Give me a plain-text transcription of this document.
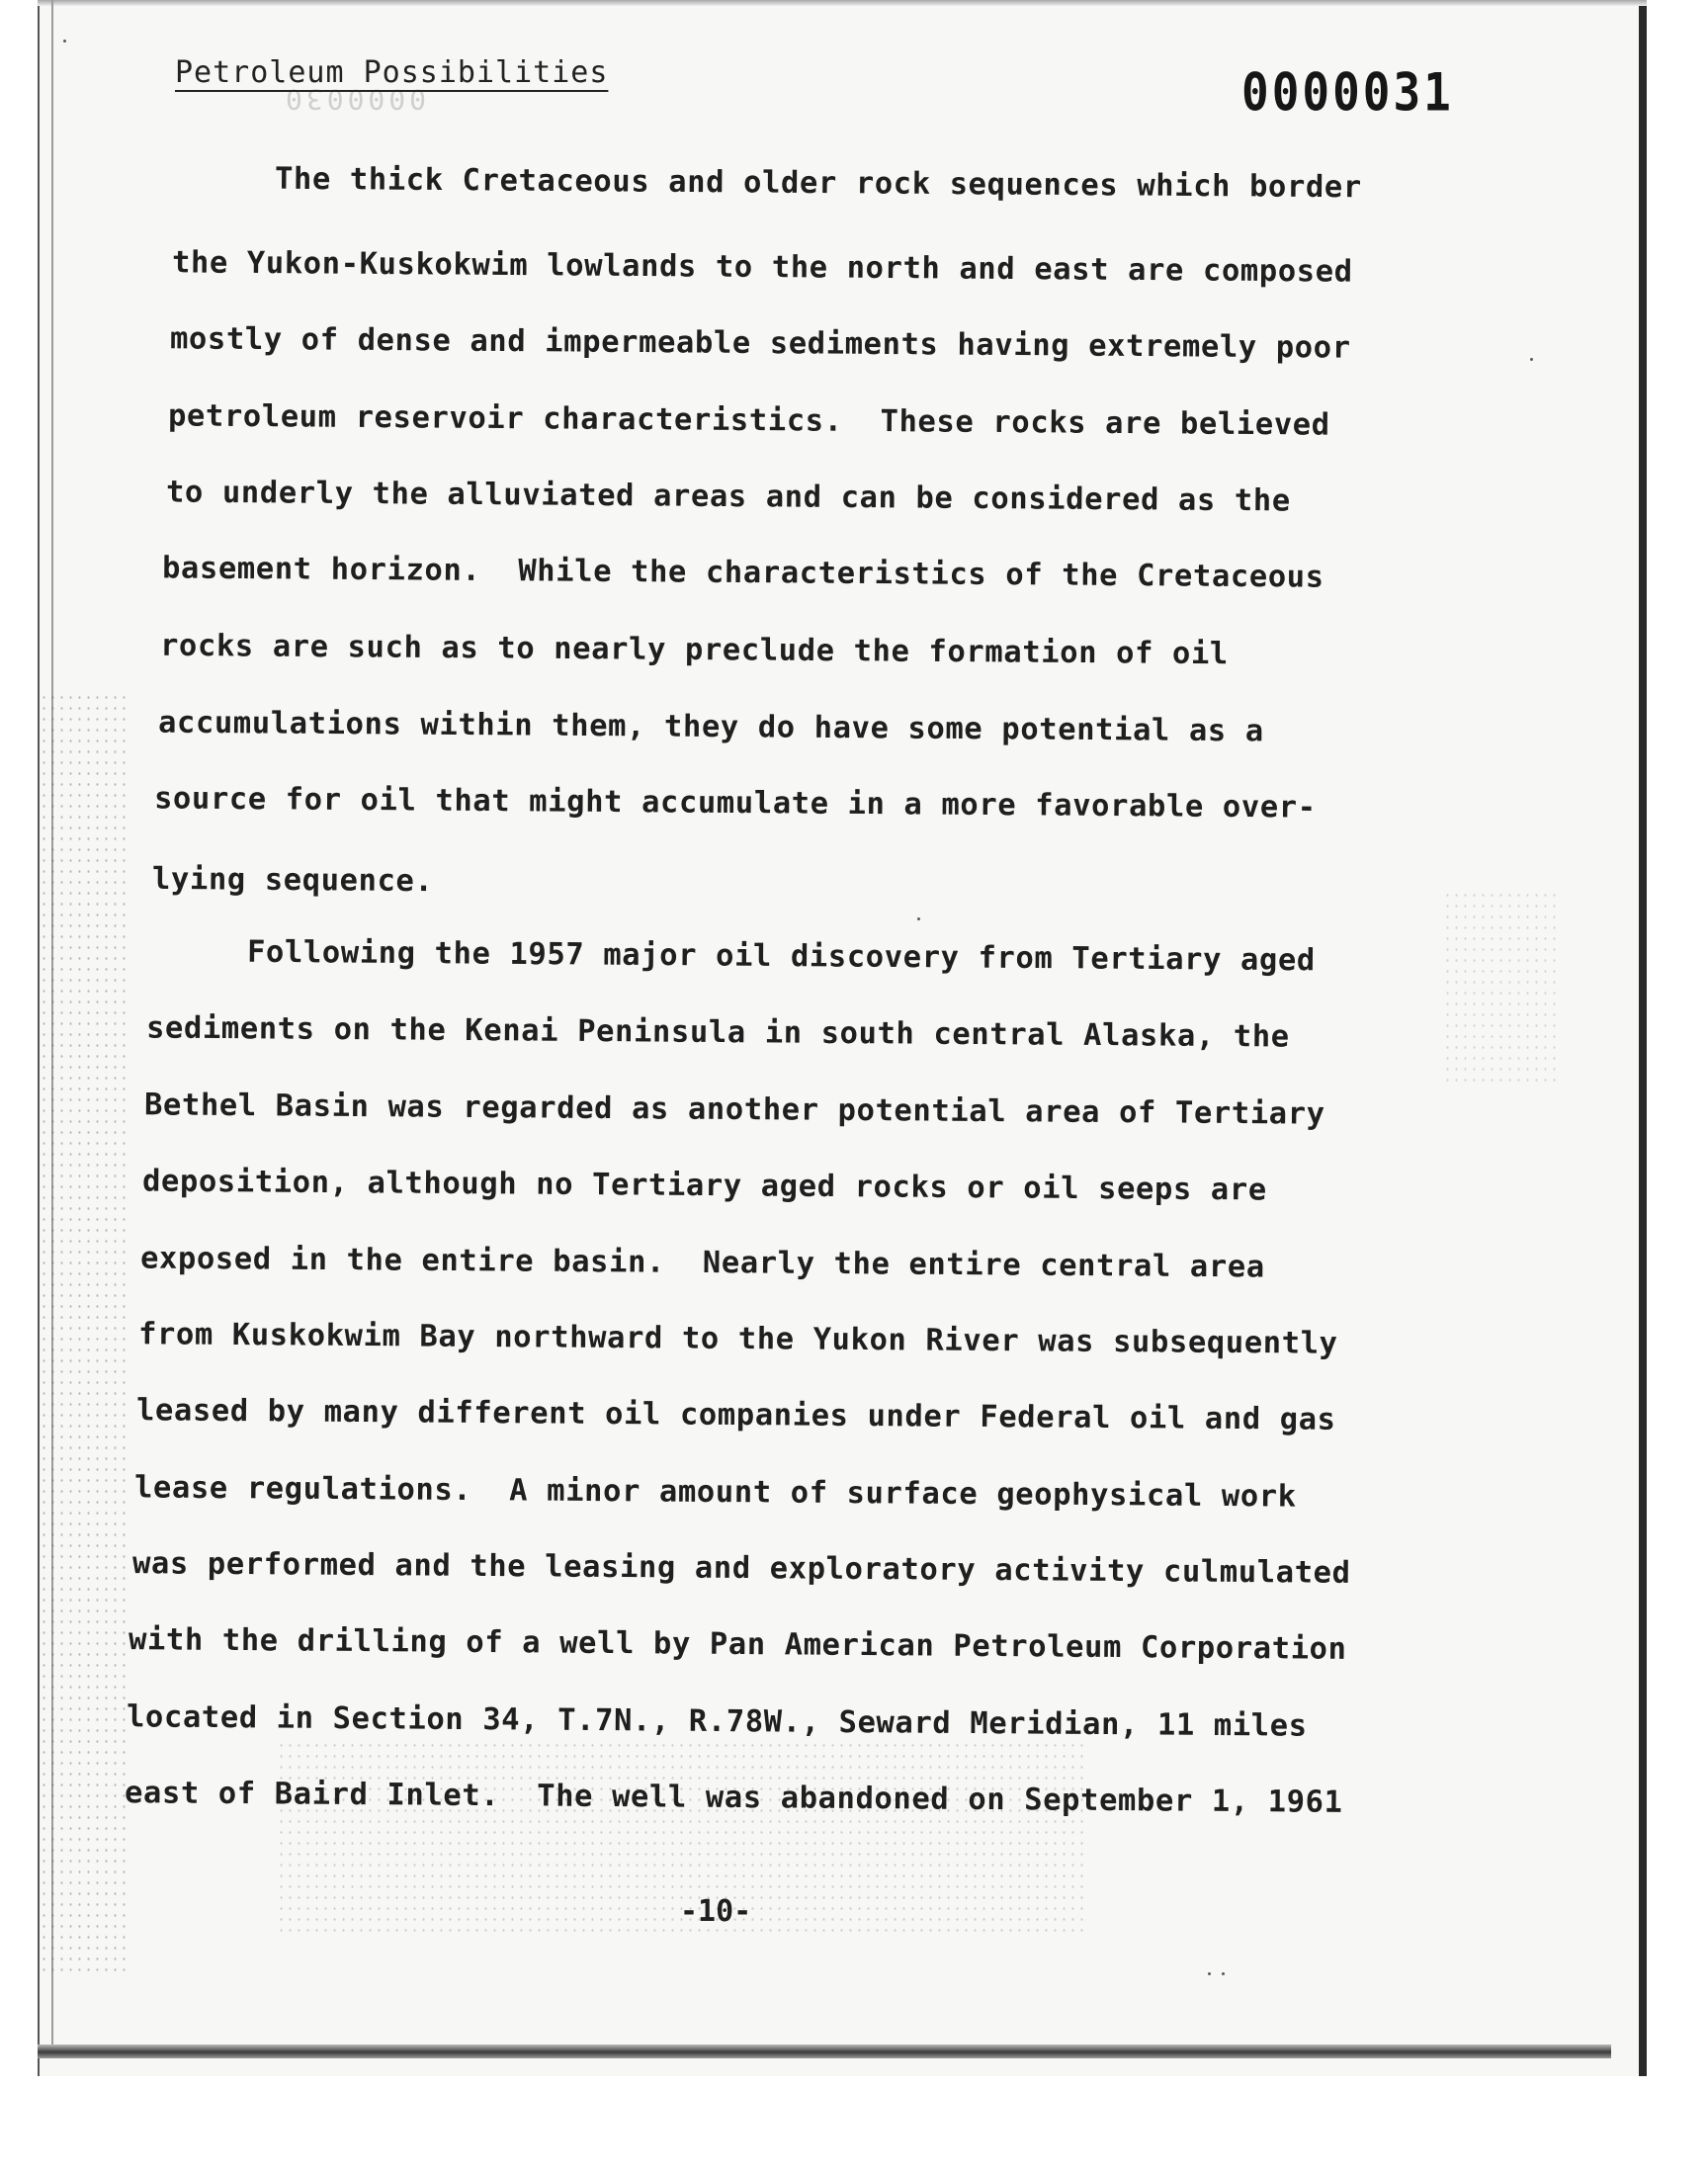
0000030
Petroleum Possibilities	0000031
The thick Cretaceous and older rock sequences which border
the Yukon-Kuskokwim lowlands to the north and east are composed
mostly of dense and impermeable sediments having extremely poor
petroleum reservoir characteristics.  These rocks are believed
to underly the alluviated areas and can be considered as the
basement horizon.  While the characteristics of the Cretaceous
rocks are such as to nearly preclude the formation of oil
accumulations within them, they do have some potential as a
source for oil that might accumulate in a more favorable over-
lying sequence.
Following the 1957 major oil discovery from Tertiary aged
sediments on the Kenai Peninsula in south central Alaska, the
Bethel Basin was regarded as another potential area of Tertiary
deposition, although no Tertiary aged rocks or oil seeps are
exposed in the entire basin.  Nearly the entire central area
from Kuskokwim Bay northward to the Yukon River was subsequently
leased by many different oil companies under Federal oil and gas
lease regulations.  A minor amount of surface geophysical work
was performed and the leasing and exploratory activity culmulated
with the drilling of a well by Pan American Petroleum Corporation
located in Section 34, T.7N., R.78W., Seward Meridian, 11 miles
east of Baird Inlet.  The well was abandoned on September 1, 1961
-10-
